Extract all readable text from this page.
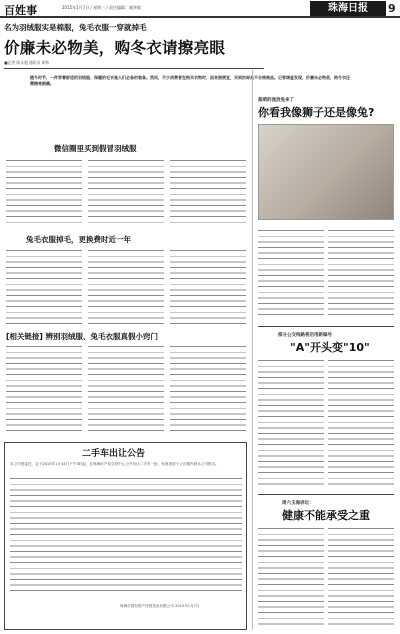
百姓事	2015年1月7日 / 星期三 / 责任编辑：谢华敏	珠海日报	9
名为羽绒服实是棉服，兔毛衣服一穿就掉毛
价廉未必物美，购冬衣请擦亮眼
■记者 陈永超 通讯员 胡玮
随冬时节，一件穿着舒适的羽绒服、保暖的毛衣是人们必备的装备。然而，不少消费者在购买衣物时，因贪图便宜，买到的却是不合格商品。记者调查发现，价廉未必物美，购冬衣还需擦亮眼睛。
微信圈里买到假冒羽绒服
兔毛衣服掉毛，更换费时近一年
[相关链接] 辨别羽绒服、兔毛衣服真假小窍门
二手车出让公告
本公司受委托，定于2015年1月14日下午3时起，在珠海市产权交易中心公开出让二手车一批，有意者请于公告期内到本公司报名。
珠海市国有资产经营拍卖有限公司 2015年1月7日
超萌的流浪兔来了
你看我像狮子还是像兔?
部分公交线路将启用新编号
"A"开头变"10"
周六玉海讲坛：
健康不能承受之重
